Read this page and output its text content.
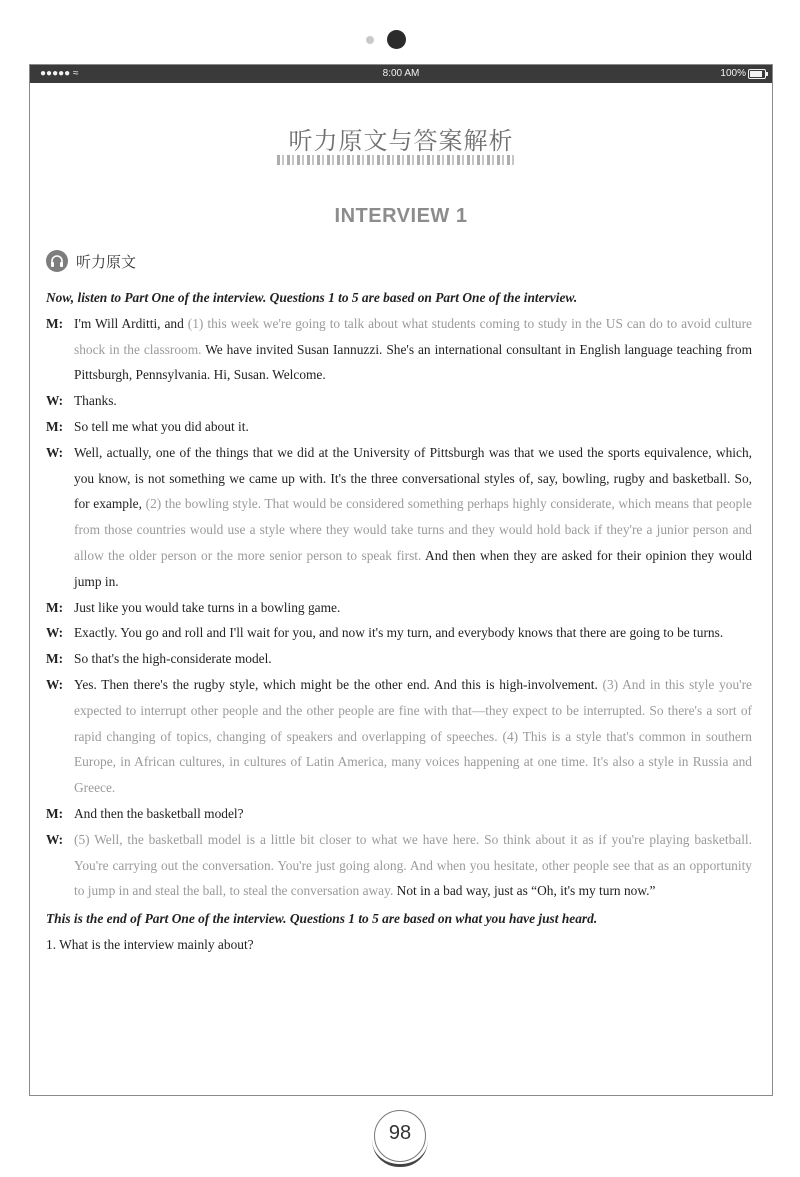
●●●●● ≈	8:00 AM	100%
听力原文与答案解析
INTERVIEW 1
听力原文

Now, listen to Part One of the interview. Questions 1 to 5 are based on Part One of the interview.

M: I'm Will Arditti, and (1) this week we're going to talk about what students coming to study in the US can do to avoid culture shock in the classroom. We have invited Susan Iannuzzi. She's an international consultant in English language teaching from Pittsburgh, Pennsylvania. Hi, Susan. Welcome.
W: Thanks.
M: So tell me what you did about it.
W: Well, actually, one of the things that we did at the University of Pittsburgh was that we used the sports equivalence, which, you know, is not something we came up with. It's the three conversational styles of, say, bowling, rugby and basketball. So, for example, (2) the bowling style. That would be considered something perhaps highly considerate, which means that people from those countries would use a style where they would take turns and they would hold back if they're a junior person and allow the older person or the more senior person to speak first. And then when they are asked for their opinion they would jump in.
M: Just like you would take turns in a bowling game.
W: Exactly. You go and roll and I'll wait for you, and now it's my turn, and everybody knows that there are going to be turns.
M: So that's the high-considerate model.
W: Yes. Then there's the rugby style, which might be the other end. And this is high-involvement. (3) And in this style you're expected to interrupt other people and the other people are fine with that—they expect to be interrupted. So there's a sort of rapid changing of topics, changing of speakers and overlapping of speeches. (4) This is a style that's common in southern Europe, in African cultures, in cultures of Latin America, many voices happening at one time. It's also a style in Russia and Greece.
M: And then the basketball model?
W: (5) Well, the basketball model is a little bit closer to what we have here. So think about it as if you're playing basketball. You're carrying out the conversation. You're just going along. And when you hesitate, other people see that as an opportunity to jump in and steal the ball, to steal the conversation away. Not in a bad way, just as “Oh, it's my turn now.”

This is the end of Part One of the interview. Questions 1 to 5 are based on what you have just heard.

1. What is the interview mainly about?

98
